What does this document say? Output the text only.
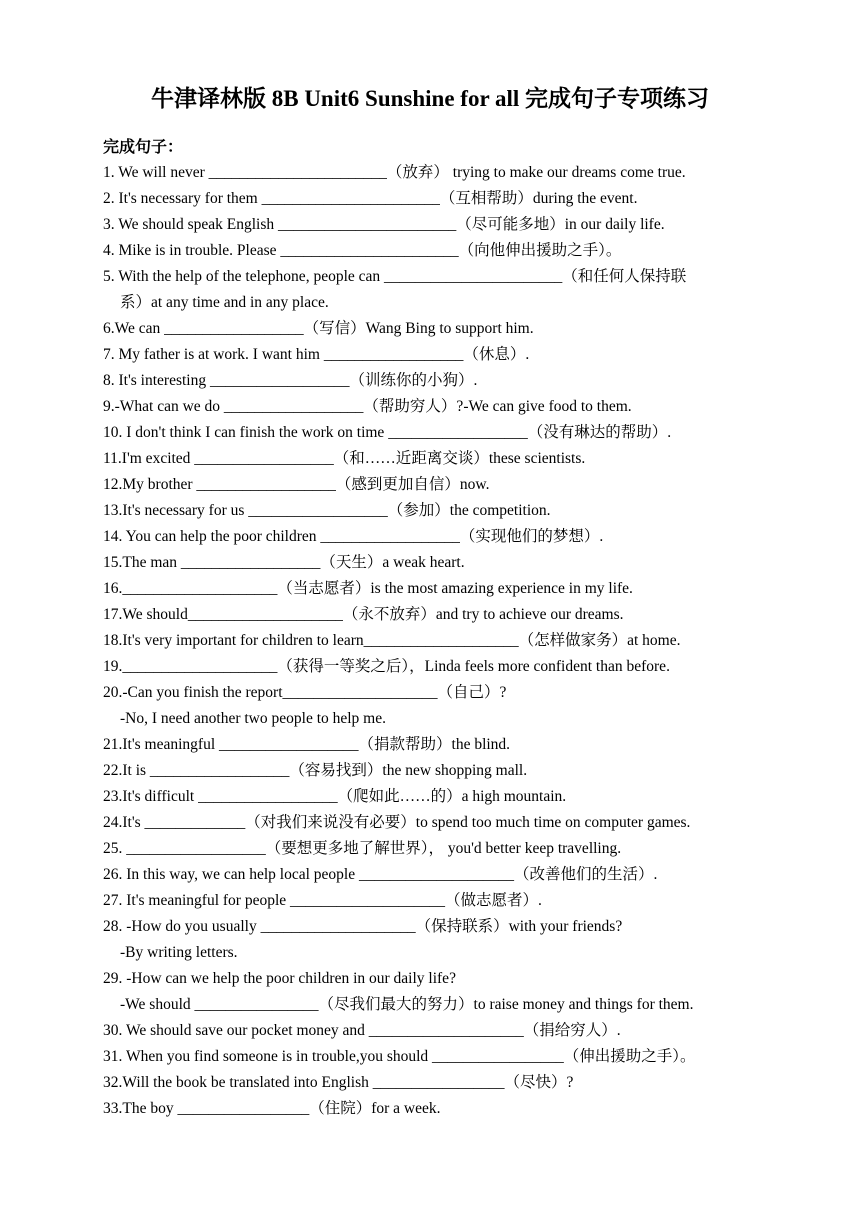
牛津译林版 8B Unit6 Sunshine for all 完成句子专项练习
完成句子：
1. We will never _______________________（放弃） trying to make our dreams come true.
2. It's necessary for them _______________________（互相帮助）during the event.
3. We should speak English _______________________（尽可能多地）in our daily life.
4. Mike is in trouble. Please _______________________（向他伸出援助之手）。
5. With the help of the telephone, people can _______________________（和任何人保持联
系）at any time and in any place.
6.We can __________________（写信）Wang Bing to support him.
7. My father is at work. I want him __________________（休息）.
8. It's interesting __________________（训练你的小狗）.
9.-What can we do __________________（帮助穷人）?-We can give food to them.
10. I don't think I can finish the work on time __________________（没有琳达的帮助）.
11.I'm excited __________________（和……近距离交谈）these scientists.
12.My brother __________________（感到更加自信）now.
13.It's necessary for us __________________（参加）the competition.
14. You can help the poor children __________________（实现他们的梦想）.
15.The man __________________（天生）a weak heart.
16.____________________（当志愿者）is the most amazing experience in my life.
17.We should____________________（永不放弃）and try to achieve our dreams.
18.It's very important for children to learn____________________（怎样做家务）at home.
19.____________________（获得一等奖之后），Linda feels more confident than before.
20.-Can you finish the report____________________（自己）?
-No, I need another two people to help me.
21.It's meaningful __________________（捐款帮助）the blind.
22.It is __________________（容易找到）the new shopping mall.
23.It's difficult __________________（爬如此……的）a high mountain.
24.It's _____________（对我们来说没有必要）to spend too much time on computer games.
25. __________________（要想更多地了解世界）， you'd better keep travelling.
26. In this way, we can help local people ____________________（改善他们的生活）.
27. It's meaningful for people ____________________（做志愿者）.
28. -How do you usually ____________________（保持联系）with your friends?
-By writing letters.
29. -How can we help the poor children in our daily life?
-We should ________________（尽我们最大的努力）to raise money and things for them.
30. We should save our pocket money and ____________________（捐给穷人）.
31. When you find someone is in trouble,you should _________________（伸出援助之手）。
32.Will the book be translated into English _________________（尽快）?
33.The boy _________________（住院）for a week.
